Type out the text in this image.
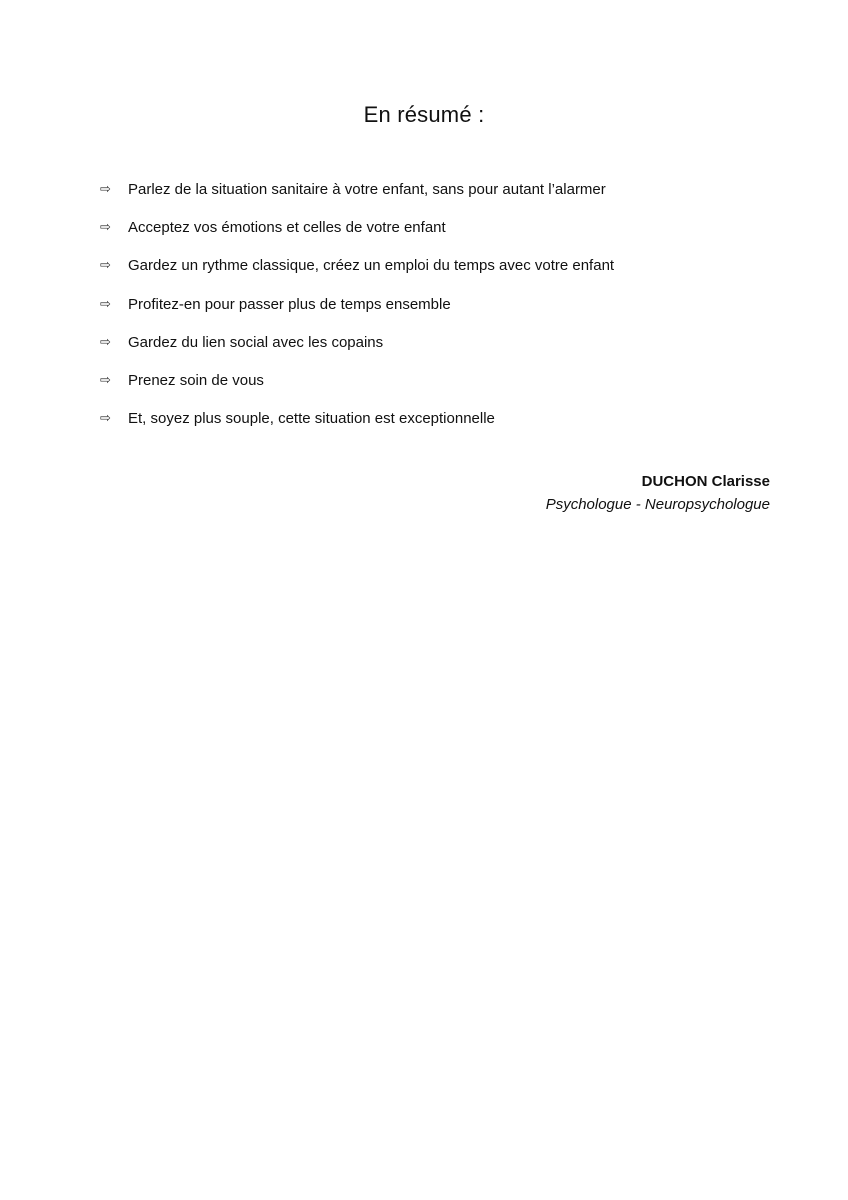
En résumé :
⇨	Parlez de la situation sanitaire à votre enfant, sans pour autant l’alarmer
⇨	Acceptez vos émotions et celles de votre enfant
⇨	Gardez un rythme classique, créez un emploi du temps avec votre enfant
⇨	Profitez-en pour passer plus de temps ensemble
⇨	Gardez du lien social avec les copains
⇨	Prenez soin de vous
⇨	Et, soyez plus souple, cette situation est exceptionnelle
DUCHON Clarisse
Psychologue - Neuropsychologue
